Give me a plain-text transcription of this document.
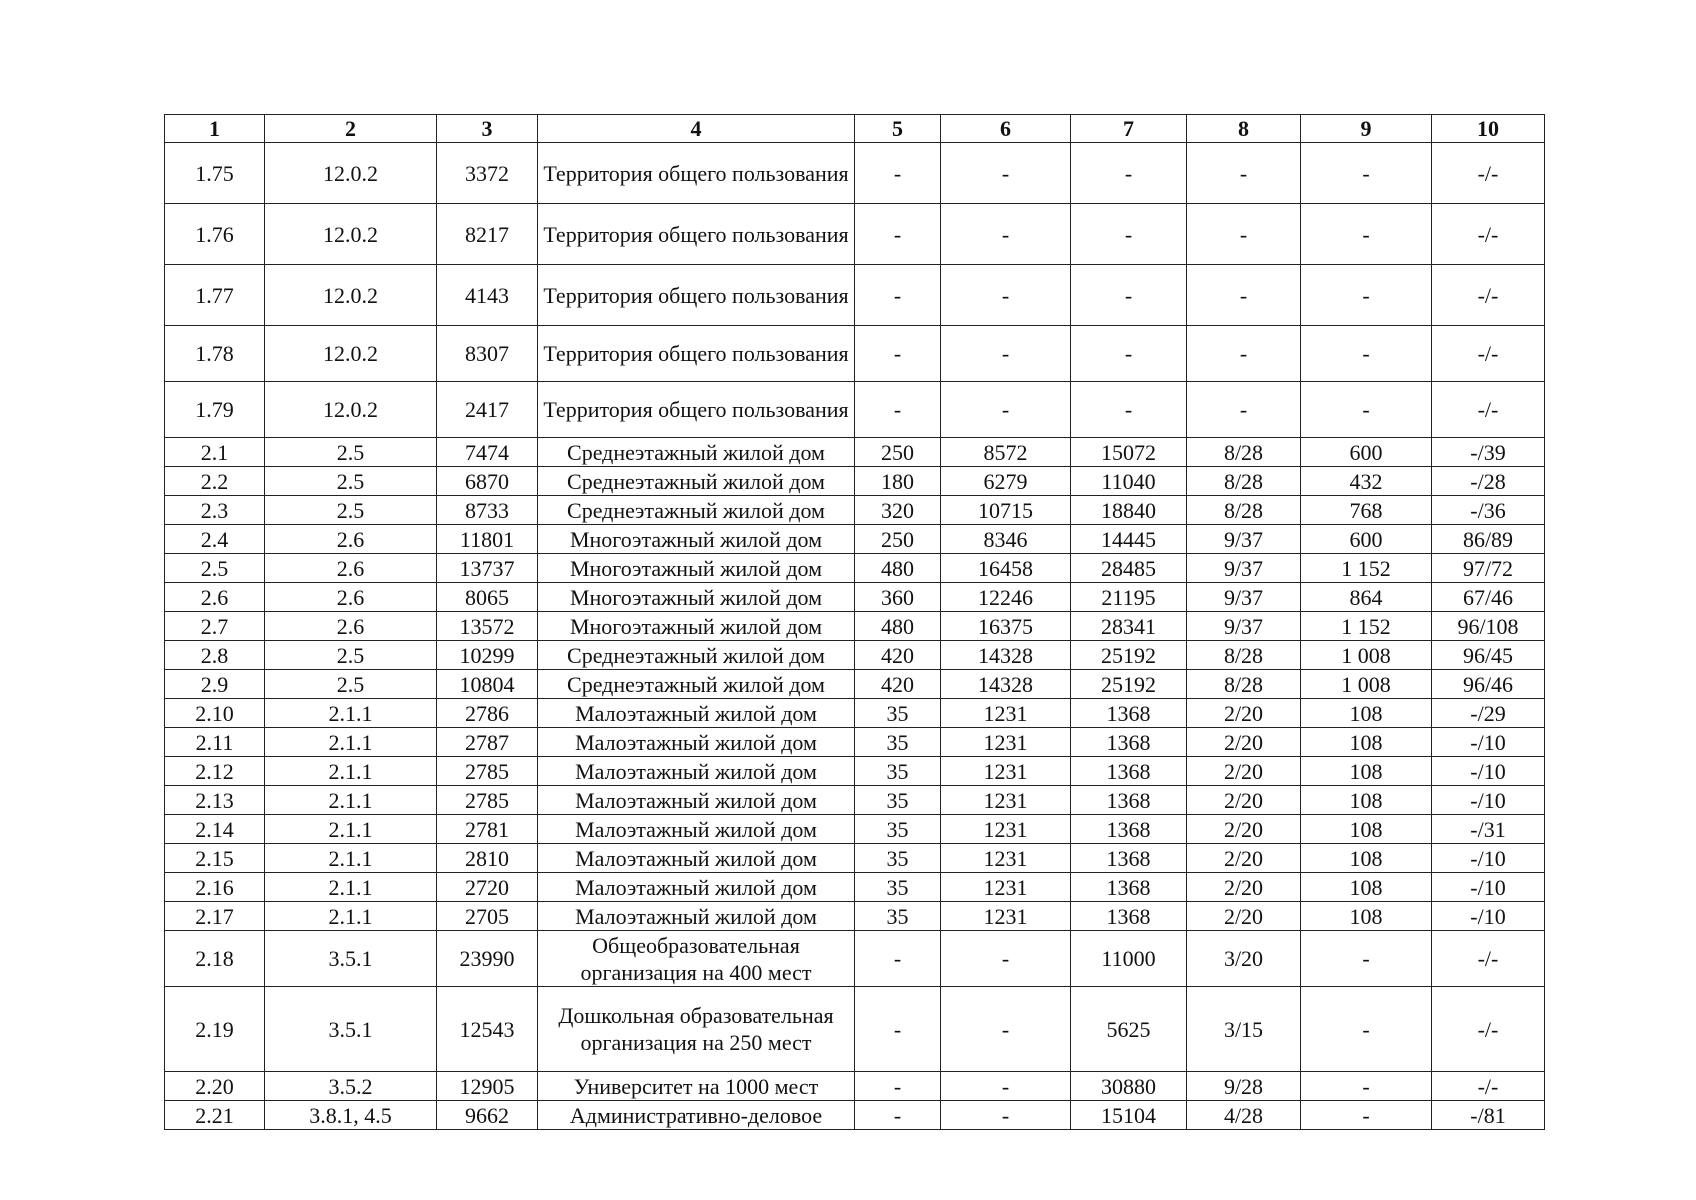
1	2	3	4	5	6	7	8	9	10
1.75	12.0.2	3372	Территория общего пользования	-	-	-	-	-	-/-
1.76	12.0.2	8217	Территория общего пользования	-	-	-	-	-	-/-
1.77	12.0.2	4143	Территория общего пользования	-	-	-	-	-	-/-
1.78	12.0.2	8307	Территория общего пользования	-	-	-	-	-	-/-
1.79	12.0.2	2417	Территория общего пользования	-	-	-	-	-	-/-
2.1	2.5	7474	Среднеэтажный жилой дом	250	8572	15072	8/28	600	-/39
2.2	2.5	6870	Среднеэтажный жилой дом	180	6279	11040	8/28	432	-/28
2.3	2.5	8733	Среднеэтажный жилой дом	320	10715	18840	8/28	768	-/36
2.4	2.6	11801	Многоэтажный жилой дом	250	8346	14445	9/37	600	86/89
2.5	2.6	13737	Многоэтажный жилой дом	480	16458	28485	9/37	1 152	97/72
2.6	2.6	8065	Многоэтажный жилой дом	360	12246	21195	9/37	864	67/46
2.7	2.6	13572	Многоэтажный жилой дом	480	16375	28341	9/37	1 152	96/108
2.8	2.5	10299	Среднеэтажный жилой дом	420	14328	25192	8/28	1 008	96/45
2.9	2.5	10804	Среднеэтажный жилой дом	420	14328	25192	8/28	1 008	96/46
2.10	2.1.1	2786	Малоэтажный жилой дом	35	1231	1368	2/20	108	-/29
2.11	2.1.1	2787	Малоэтажный жилой дом	35	1231	1368	2/20	108	-/10
2.12	2.1.1	2785	Малоэтажный жилой дом	35	1231	1368	2/20	108	-/10
2.13	2.1.1	2785	Малоэтажный жилой дом	35	1231	1368	2/20	108	-/10
2.14	2.1.1	2781	Малоэтажный жилой дом	35	1231	1368	2/20	108	-/31
2.15	2.1.1	2810	Малоэтажный жилой дом	35	1231	1368	2/20	108	-/10
2.16	2.1.1	2720	Малоэтажный жилой дом	35	1231	1368	2/20	108	-/10
2.17	2.1.1	2705	Малоэтажный жилой дом	35	1231	1368	2/20	108	-/10
2.18	3.5.1	23990	Общеобразовательная организация на 400 мест	-	-	11000	3/20	-	-/-
2.19	3.5.1	12543	Дошкольная образовательная организация на 250 мест	-	-	5625	3/15	-	-/-
2.20	3.5.2	12905	Университет на 1000 мест	-	-	30880	9/28	-	-/-
2.21	3.8.1, 4.5	9662	Административно-деловое	-	-	15104	4/28	-	-/81
